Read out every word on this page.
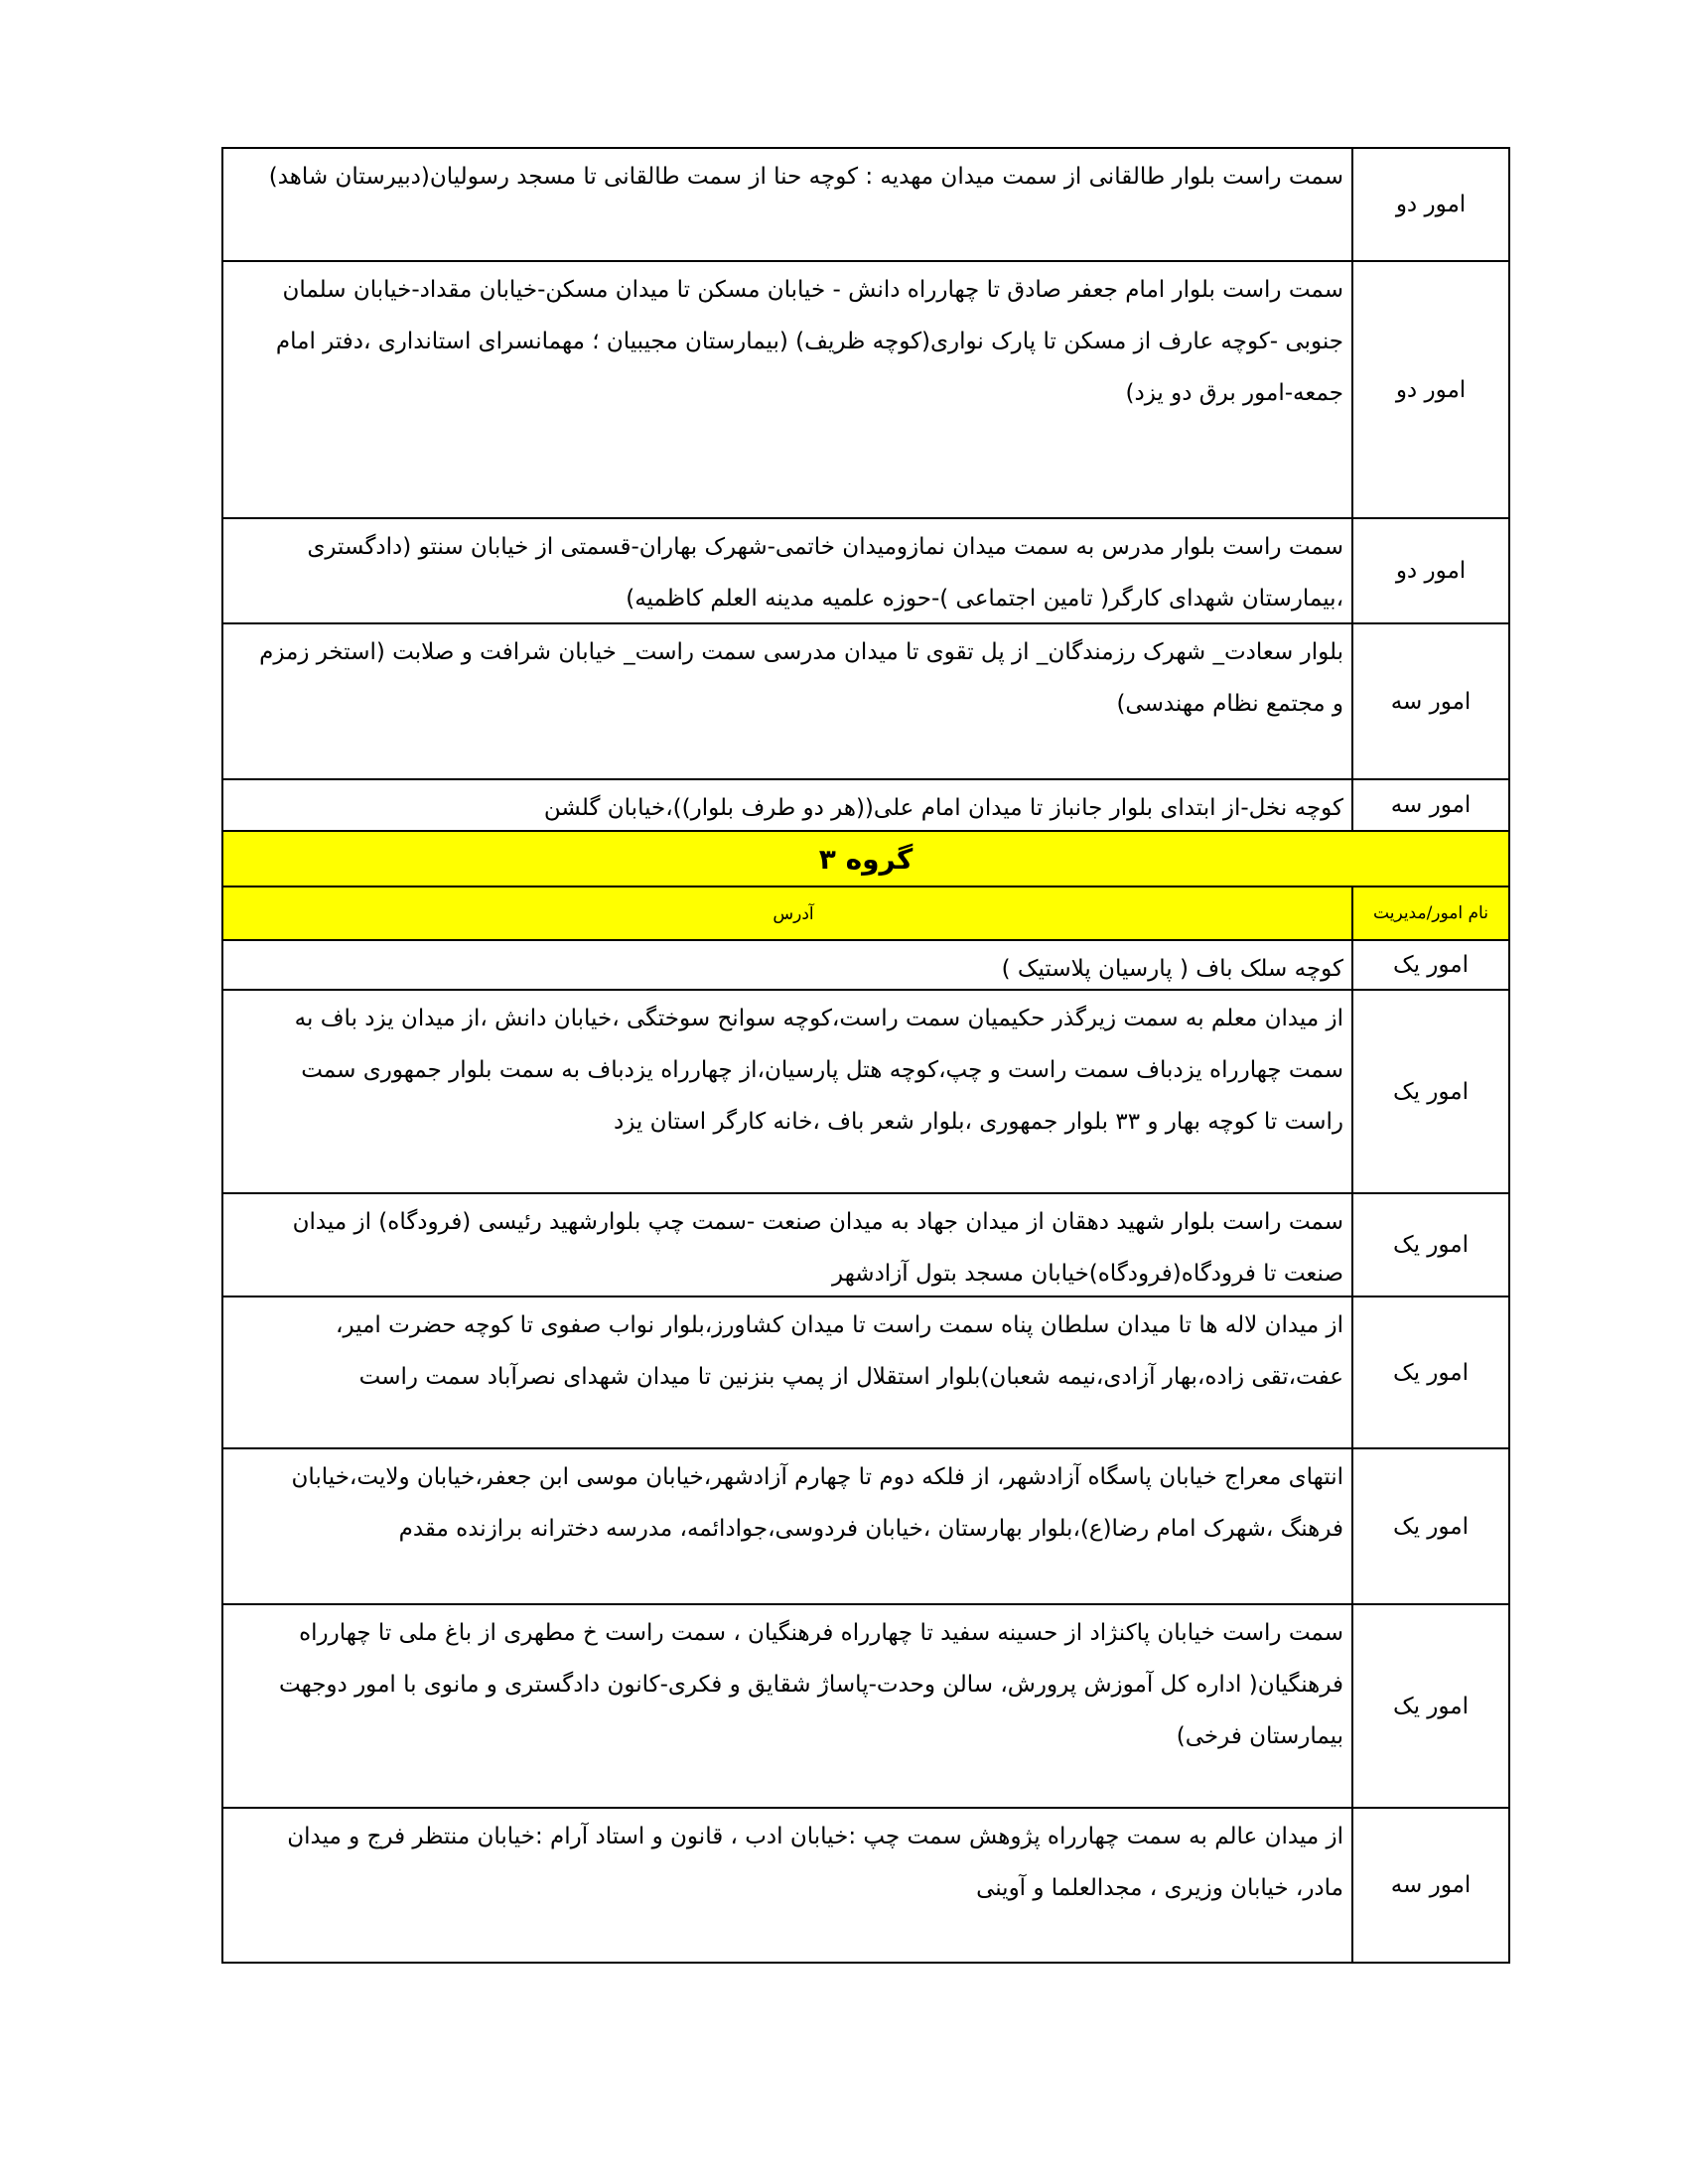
امور دو
سمت راست بلوار طالقانی از سمت میدان مهدیه : کوچه حنا از سمت طالقانی تا مسجد رسولیان(دبیرستان شاهد)
امور دو
سمت راست بلوار امام جعفر صادق تا چهارراه دانش - خیابان مسکن تا میدان مسکن-خیابان مقداد-خیابان سلمان جنوبی -کوچه عارف از مسکن تا پارک نواری(کوچه ظریف) (بیمارستان مجیبیان ؛ مهمانسرای استانداری ،دفتر امام جمعه-امور برق دو یزد)
امور دو
سمت راست بلوار مدرس به سمت میدان نمازومیدان خاتمی-شهرک بهاران-قسمتی از خیابان سنتو (دادگستری ،بیمارستان شهدای کارگر( تامین اجتماعی )-حوزه علمیه مدینه العلم کاظمیه)
امور سه
بلوار سعادت_ شهرک رزمندگان_ از پل تقوی تا میدان مدرسی سمت راست_ خیابان شرافت و صلابت (استخر زمزم و مجتمع نظام مهندسی)
امور سه
کوچه نخل-از ابتدای بلوار جانباز تا میدان امام علی((هر دو طرف بلوار))،خیابان گلشن
گروه ۳
نام امور/مدیریت
آدرس
امور یک
کوچه سلک باف ( پارسیان پلاستیک )
امور یک
از میدان معلم به سمت زیرگذر حکیمیان سمت راست،کوچه سوانح سوختگی ،خیابان دانش ،از میدان یزد باف به سمت چهارراه یزدباف سمت راست و چپ،کوچه هتل پارسیان،از چهارراه یزدباف به سمت بلوار جمهوری سمت راست تا کوچه بهار و ۳۳ بلوار جمهوری ،بلوار شعر باف ،خانه کارگر استان یزد
امور یک
سمت راست بلوار شهید دهقان از میدان جهاد به میدان صنعت -سمت چپ بلوارشهید رئیسی (فرودگاه) از میدان صنعت تا فرودگاه(فرودگاه)خیابان مسجد بتول آزادشهر
امور یک
از میدان لاله ها تا میدان سلطان پناه سمت راست تا میدان کشاورز،بلوار نواب صفوی تا کوچه حضرت امیر، عفت،تقی زاده،بهار آزادی،نیمه شعبان)بلوار استقلال از پمپ بنزنین تا میدان شهدای نصرآباد سمت راست
امور یک
انتهای معراج خیابان پاسگاه آزادشهر، از فلکه دوم تا چهارم آزادشهر،خیابان موسی ابن جعفر،خیابان ولایت،خیابان فرهنگ ،شهرک امام رضا(ع)،بلوار بهارستان ،خیابان فردوسی،جوادائمه، مدرسه دخترانه برازنده مقدم
امور یک
سمت راست خیابان پاکنژاد از حسینه سفید تا چهارراه فرهنگیان ، سمت راست خ مطهری از باغ ملی تا چهارراه فرهنگیان( اداره کل آموزش پرورش، سالن وحدت-پاساژ شقایق و فکری-کانون دادگستری و مانوی با امور دوجهت بیمارستان فرخی)
امور سه
از میدان عالم به سمت چهارراه پژوهش سمت چپ :خیابان ادب ، قانون و استاد آرام :خیابان منتظر فرج و میدان مادر، خیابان وزیری ، مجدالعلما و آوینی
